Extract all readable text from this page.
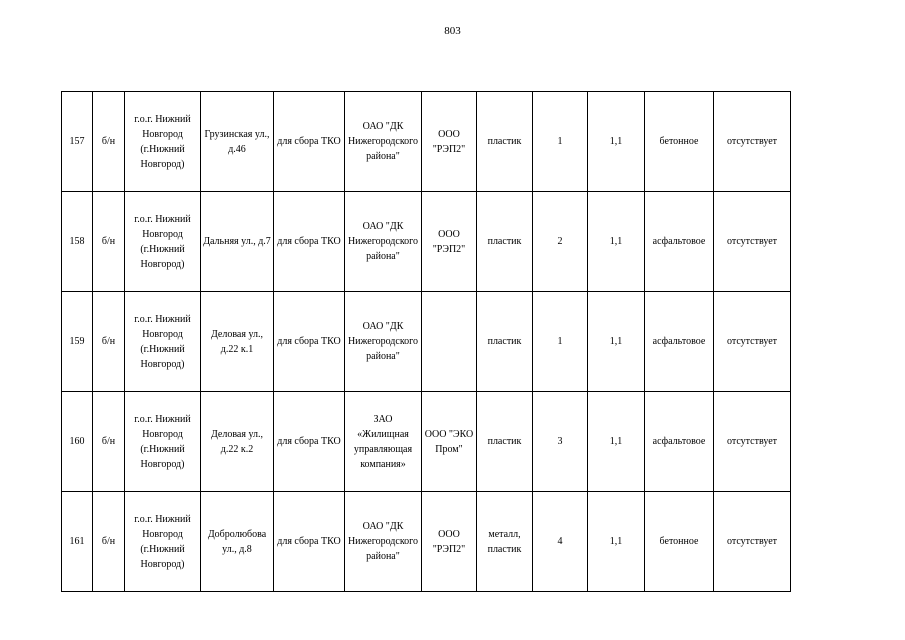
803
157	б/н	г.о.г. Нижний Новгород (г.Нижний Новгород)	Грузинская ул., д.46	для сбора ТКО	ОАО "ДК Нижегородского района"	ООО "РЭП2"	пластик	1	1,1	бетонное	отсутствует
158	б/н	г.о.г. Нижний Новгород (г.Нижний Новгород)	Дальняя ул., д.7	для сбора ТКО	ОАО "ДК Нижегородского района"	ООО "РЭП2"	пластик	2	1,1	асфальтовое	отсутствует
159	б/н	г.о.г. Нижний Новгород (г.Нижний Новгород)	Деловая ул., д.22 к.1	для сбора ТКО	ОАО "ДК Нижегородского района"		пластик	1	1,1	асфальтовое	отсутствует
160	б/н	г.о.г. Нижний Новгород (г.Нижний Новгород)	Деловая ул., д.22 к.2	для сбора ТКО	ЗАО «Жилищная управляющая компания»	ООО "ЭКО Пром"	пластик	3	1,1	асфальтовое	отсутствует
161	б/н	г.о.г. Нижний Новгород (г.Нижний Новгород)	Добролюбова ул., д.8	для сбора ТКО	ОАО "ДК Нижегородского района"	ООО "РЭП2"	металл, пластик	4	1,1	бетонное	отсутствует
